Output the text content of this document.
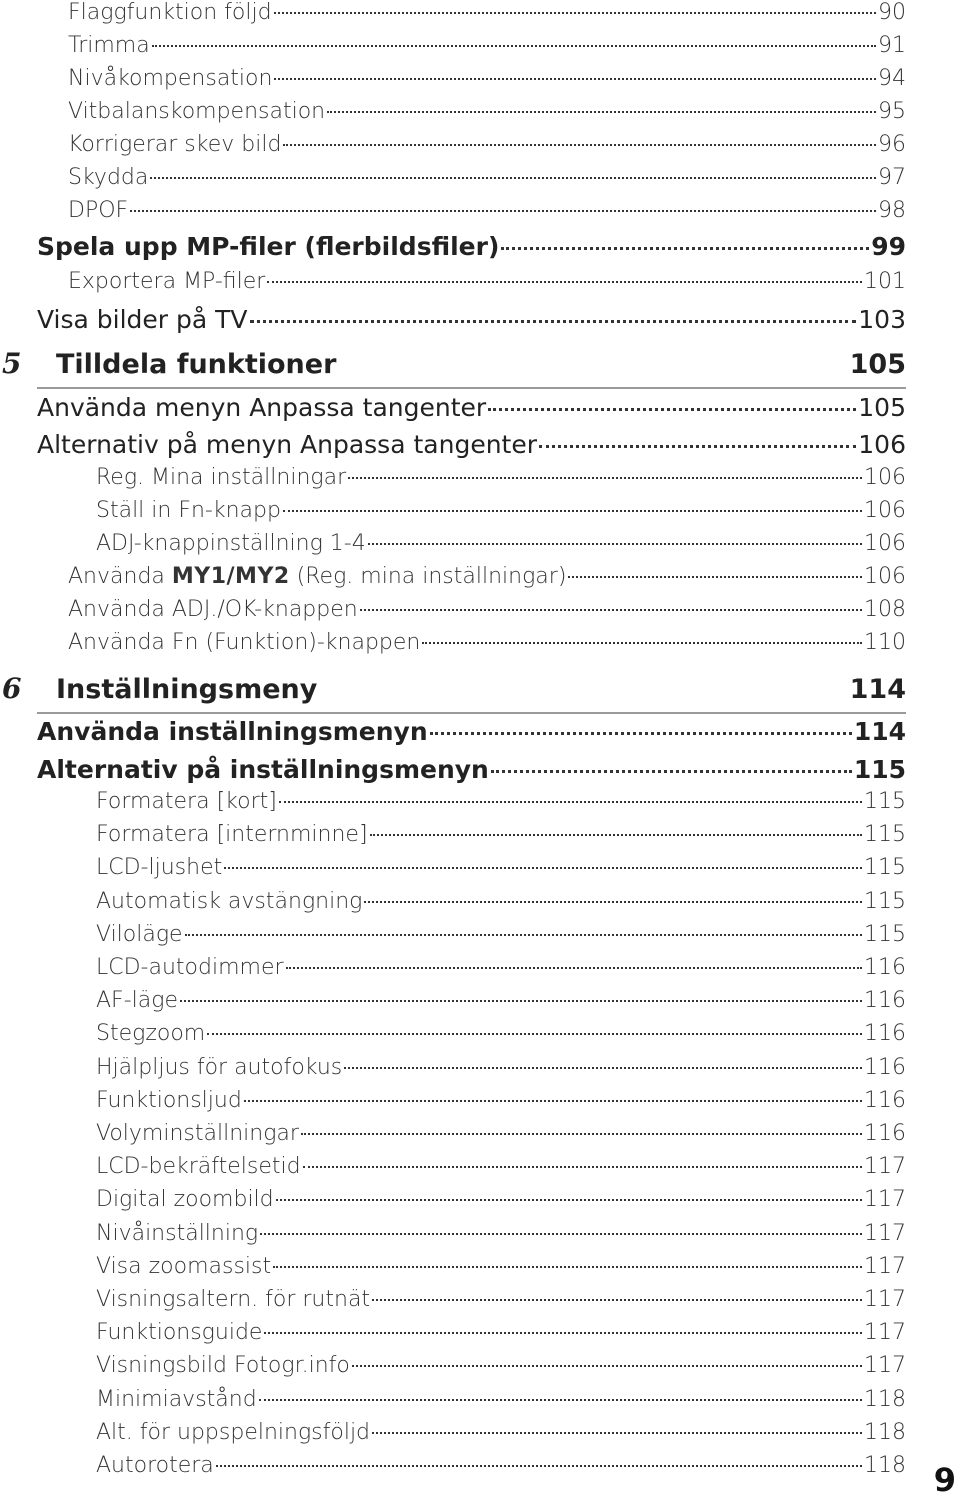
Flaggfunktion följd	90
Trimma	91
Nivåkompensation	94
Vitbalanskompensation	95
Korrigerar skev bild	96
Skydda	97
DPOF	98
Spela upp MP-filer (flerbildsfiler)	99
Exportera MP-filer	101
Visa bilder på TV	103
5	Tilldela funktioner	105
Använda menyn Anpassa tangenter	105
Alternativ på menyn Anpassa tangenter	106
Reg. Mina inställningar	106
Ställ in Fn-knapp	106
ADJ-knappinställning 1-4	106
Använda MY1/MY2 (Reg. mina inställningar)	106
Använda ADJ./OK-knappen	108
Använda Fn (Funktion)-knappen	110
6	Inställningsmeny	114
Använda inställningsmenyn	114
Alternativ på inställningsmenyn	115
Formatera [kort]	115
Formatera [internminne]	115
LCD-ljushet	115
Automatisk avstängning	115
Viloläge	115
LCD-autodimmer	116
AF-läge	116
Stegzoom	116
Hjälpljus för autofokus	116
Funktionsljud	116
Volyminställningar	116
LCD-bekräftelsetid	117
Digital zoombild	117
Nivåinställning	117
Visa zoomassist	117
Visningsaltern. för rutnät	117
Funktionsguide	117
Visningsbild Fotogr.info	117
Minimiavstånd	118
Alt. för uppspelningsföljd	118
Autorotera	118 9
